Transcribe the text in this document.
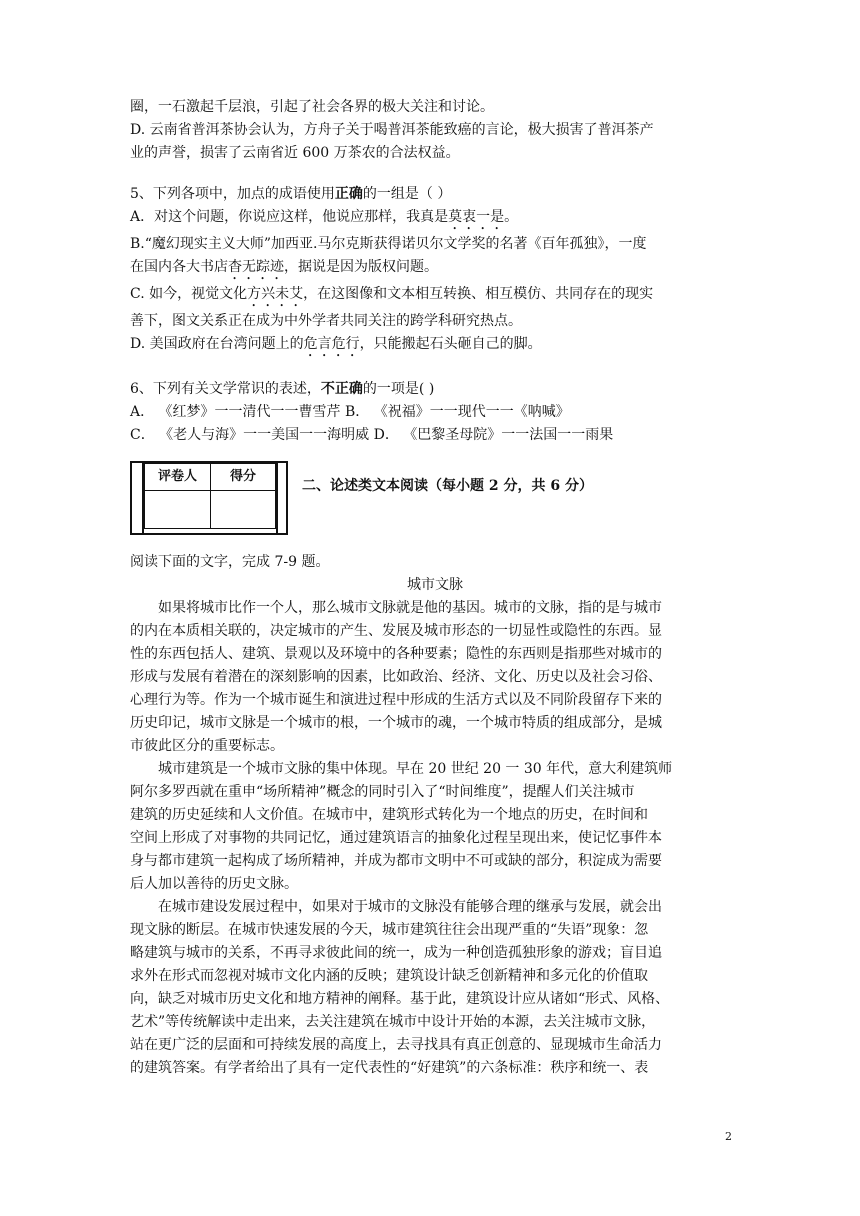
圈，一石激起千层浪，引起了社会各界的极大关注和讨论。

D. 云南省普洱茶协会认为，方舟子关于喝普洱茶能致癌的言论，极大损害了普洱茶产

业的声誉，损害了云南省近 600 万茶农的合法权益。

5、下列各项中，加点的成语使用正确的一组是（ ）

A．对这个问题，你说应这样，他说应那样，我真是莫衷一是。

B.“魔幻现实主义大师”加西亚.马尔克斯获得诺贝尔文学奖的名著《百年孤独》，一度

在国内各大书店杳无踪迹，据说是因为版权问题。

C. 如今，视觉文化方兴未艾，在这图像和文本相互转换、相互模仿、共同存在的现实

善下，图文关系正在成为中外学者共同关注的跨学科研究热点。

D. 美国政府在台湾问题上的危言危行，只能搬起石头砸自己的脚。

6、下列有关文学常识的表述，不正确的一项是( )

A． 《红梦》一一清代一一曹雪芹 B． 《祝福》一一现代一一《呐喊》

C． 《老人与海》一一美国一一海明威 D． 《巴黎圣母院》一一法国一一雨果

评卷人	得分
二、论述类文本阅读（每小题 2 分，共 6 分）

阅读下面的文字，完成 7-9 题。

城市文脉

如果将城市比作一个人，那么城市文脉就是他的基因。城市的文脉，指的是与城市

的内在本质相关联的，决定城市的产生、发展及城市形态的一切显性或隐性的东西。显

性的东西包括人、建筑、景观以及环境中的各种要素；隐性的东西则是指那些对城市的

形成与发展有着潜在的深刻影响的因素，比如政治、经济、文化、历史以及社会习俗、

心理行为等。作为一个城市诞生和演进过程中形成的生活方式以及不同阶段留存下来的

历史印记，城市文脉是一个城市的根，一个城市的魂，一个城市特质的组成部分，是城

市彼此区分的重要标志。

城市建筑是一个城市文脉的集中体现。早在 20 世纪 20 一 30 年代，意大利建筑师

阿尔多罗西就在重申“场所精神”概念的同时引入了“时间维度”，提醒人们关注城市

建筑的历史延续和人文价值。在城市中，建筑形式转化为一个地点的历史，在时间和

空间上形成了对事物的共同记忆，通过建筑语言的抽象化过程呈现出来，使记忆事件本

身与都市建筑一起构成了场所精神，并成为都市文明中不可或缺的部分，积淀成为需要

后人加以善待的历史文脉。

在城市建设发展过程中，如果对于城市的文脉没有能够合理的继承与发展，就会出

现文脉的断层。在城市快速发展的今天，城市建筑往往会出现严重的“失语”现象：忽

略建筑与城市的关系，不再寻求彼此间的统一，成为一种创造孤独形象的游戏；盲目追

求外在形式而忽视对城市文化内涵的反映；建筑设计缺乏创新精神和多元化的价值取

向，缺乏对城市历史文化和地方精神的阐释。基于此，建筑设计应从诸如“形式、风格、

艺术”等传统解读中走出来，去关注建筑在城市中设计开始的本源，去关注城市文脉，

站在更广泛的层面和可持续发展的高度上，去寻找具有真正创意的、显现城市生命活力

的建筑答案。有学者给出了具有一定代表性的“好建筑”的六条标准：秩序和统一、表

2
